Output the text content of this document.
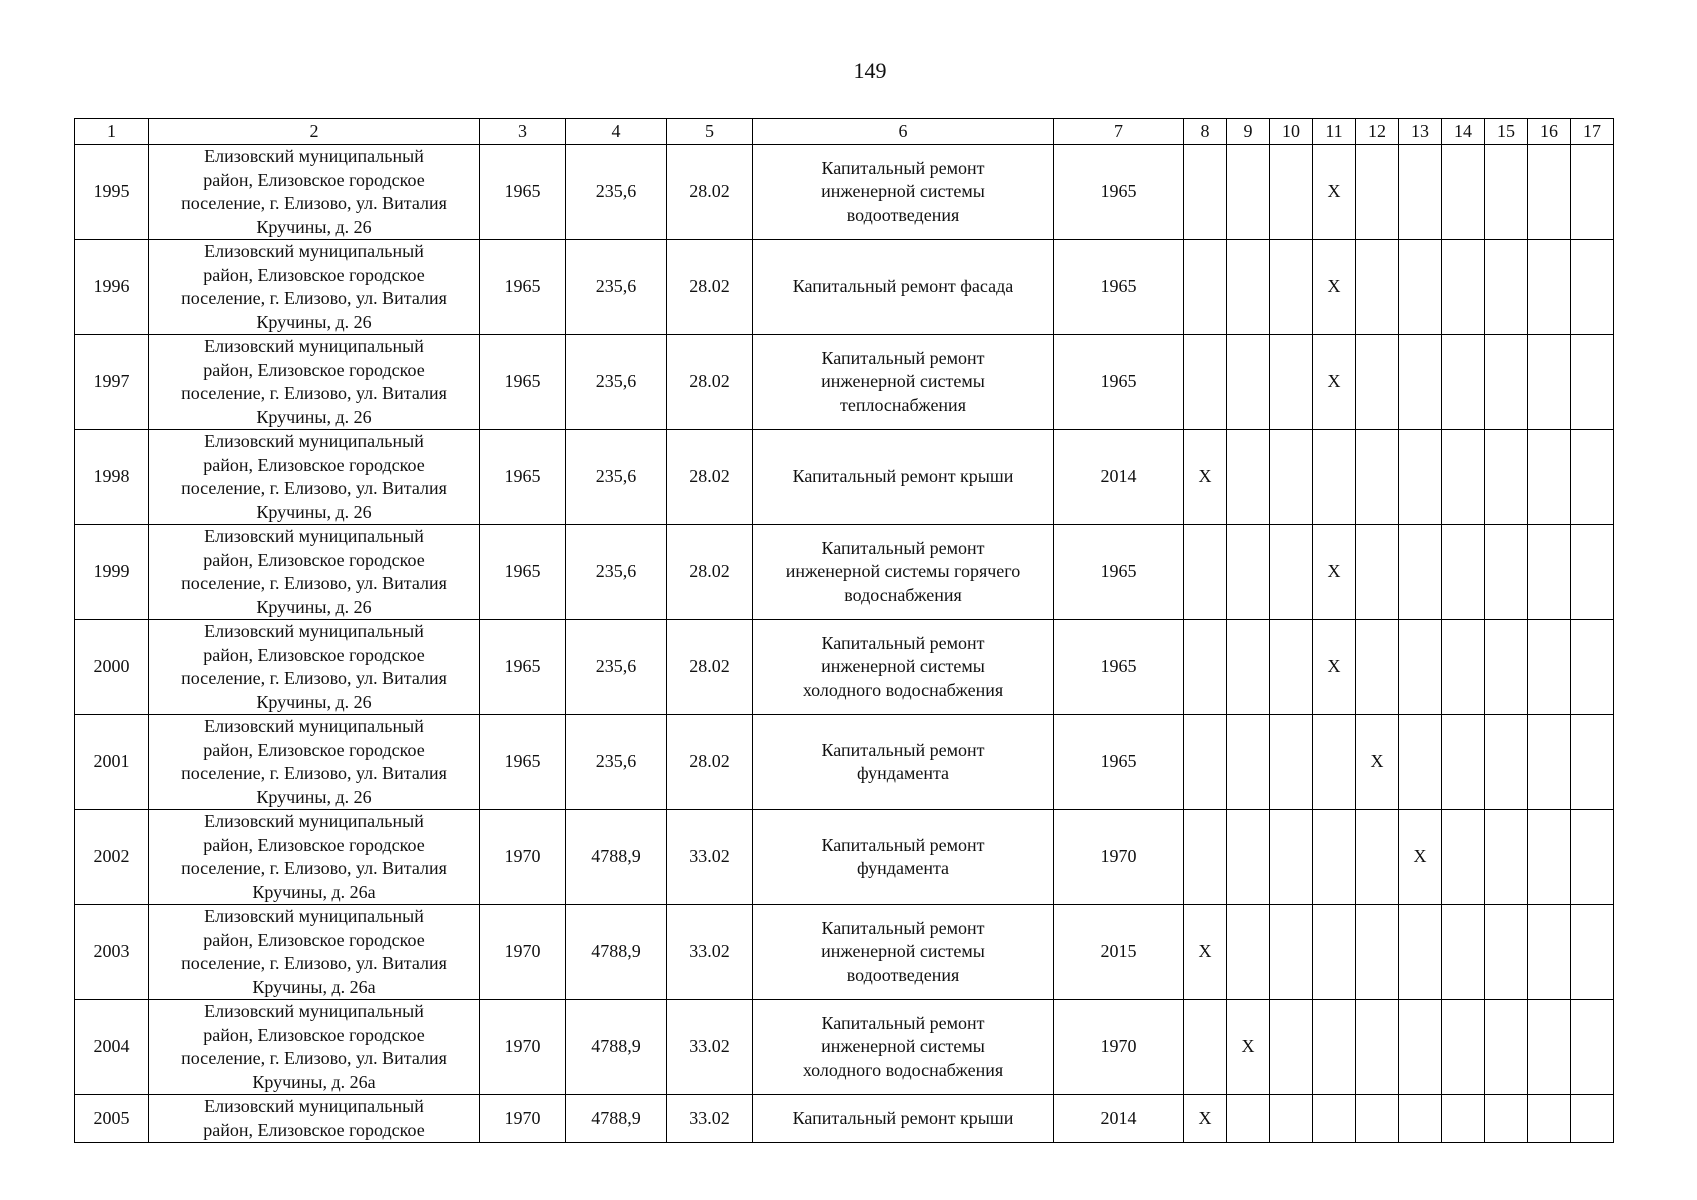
149
1	2	3	4	5	6	7	8	9	10	11	12	13	14	15	16	17
1995	Елизовский муниципальный
район, Елизовское городское
поселение, г. Елизово, ул. Виталия
Кручины, д. 26	1965	235,6	28.02	Капитальный ремонт
инженерной системы
водоотведения	1965				Х						
1996	Елизовский муниципальный
район, Елизовское городское
поселение, г. Елизово, ул. Виталия
Кручины, д. 26	1965	235,6	28.02	Капитальный ремонт фасада	1965				Х						
1997	Елизовский муниципальный
район, Елизовское городское
поселение, г. Елизово, ул. Виталия
Кручины, д. 26	1965	235,6	28.02	Капитальный ремонт
инженерной системы
теплоснабжения	1965				Х						
1998	Елизовский муниципальный
район, Елизовское городское
поселение, г. Елизово, ул. Виталия
Кручины, д. 26	1965	235,6	28.02	Капитальный ремонт крыши	2014	Х									
1999	Елизовский муниципальный
район, Елизовское городское
поселение, г. Елизово, ул. Виталия
Кручины, д. 26	1965	235,6	28.02	Капитальный ремонт
инженерной системы горячего
водоснабжения	1965				Х						
2000	Елизовский муниципальный
район, Елизовское городское
поселение, г. Елизово, ул. Виталия
Кручины, д. 26	1965	235,6	28.02	Капитальный ремонт
инженерной системы
холодного водоснабжения	1965				Х						
2001	Елизовский муниципальный
район, Елизовское городское
поселение, г. Елизово, ул. Виталия
Кручины, д. 26	1965	235,6	28.02	Капитальный ремонт
фундамента	1965					Х					
2002	Елизовский муниципальный
район, Елизовское городское
поселение, г. Елизово, ул. Виталия
Кручины, д. 26а	1970	4788,9	33.02	Капитальный ремонт
фундамента	1970						Х				
2003	Елизовский муниципальный
район, Елизовское городское
поселение, г. Елизово, ул. Виталия
Кручины, д. 26а	1970	4788,9	33.02	Капитальный ремонт
инженерной системы
водоотведения	2015	Х									
2004	Елизовский муниципальный
район, Елизовское городское
поселение, г. Елизово, ул. Виталия
Кручины, д. 26а	1970	4788,9	33.02	Капитальный ремонт
инженерной системы
холодного водоснабжения	1970		Х								
2005	Елизовский муниципальный
район, Елизовское городское	1970	4788,9	33.02	Капитальный ремонт крыши	2014	Х									
